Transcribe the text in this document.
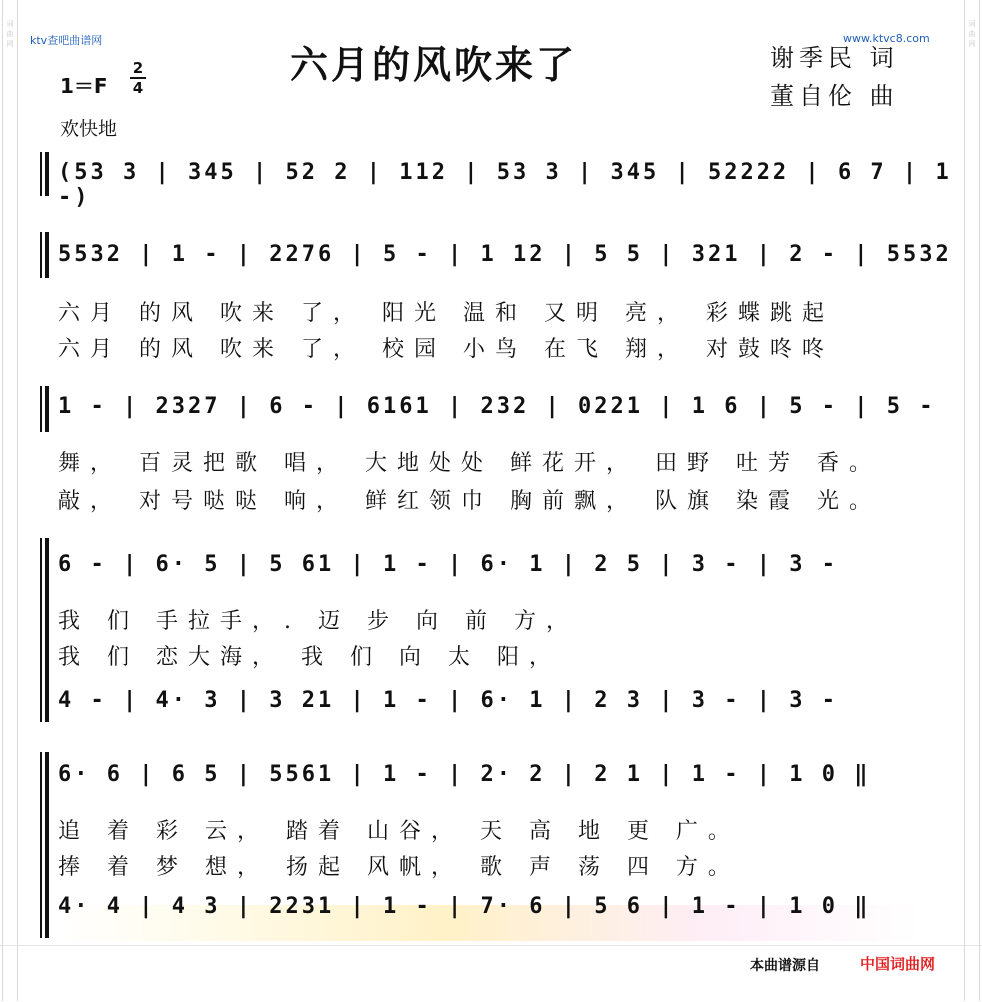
词
曲
网
词
曲
网
ktv查吧曲谱网	www.ktvc8.com
六月的风吹来了	谢季民 词
董自伦 曲
1＝F
2
4
欢快地
(53 3 | 345 | 52 2 | 112 | 53 3 | 345 | 52222 | 6 7 | 1 -)
5532 | 1 - | 2276 | 5 - | 1 12 | 5 5 | 321 | 2 - | 5532
六月 的风 吹来 了， 阳光 温和 又明 亮， 彩蝶跳起
六月 的风 吹来 了， 校园 小鸟 在飞 翔， 对鼓咚咚
1 - | 2327 | 6 - | 6161 | 232 | 0221 | 1 6 | 5 - | 5 -
舞， 百灵把歌 唱， 大地处处 鲜花开， 田野 吐芳 香。
敲， 对号哒哒 响， 鲜红领巾 胸前飘， 队旗 染霞 光。
6 - | 6· 5 | 5 61 | 1 - | 6· 1 | 2 5 | 3 - | 3 -
我 们 手拉手，. 迈 步 向 前 方，
我 们 恋大海， 我 们 向 太 阳，
4 - | 4· 3 | 3 21 | 1 - | 6· 1 | 2 3 | 3 - | 3 -
6· 6 | 6 5 | 5561 | 1 - | 2· 2 | 2 1 | 1 - | 1 0 ‖
追 着 彩 云， 踏着 山谷， 天 高 地 更 广。
捧 着 梦 想， 扬起 风帆， 歌 声 荡 四 方。
4· 4 | 4 3 | 2231 | 1 - | 7· 6 | 5 6 | 1 - | 1 0 ‖
本曲谱源自	中国词曲网
